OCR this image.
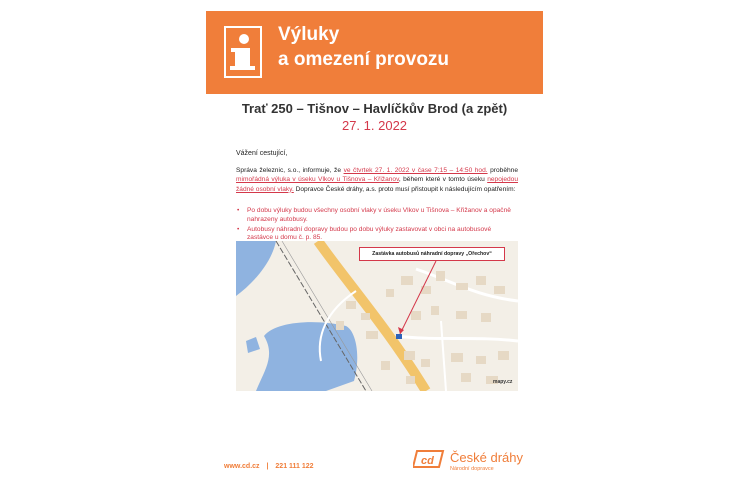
Výluky
a omezení provozu
Trať 250 – Tišnov – Havlíčkův Brod (a zpět)
27. 1. 2022
Vážení cestující,
Správa železnic, s.o., informuje, že ve čtvrtek 27. 1. 2022 v čase 7:15 – 14:50 hod. proběhne mimořádná výluka v úseku Vlkov u Tišnova – Křižanov, během které v tomto úseku nepojedou žádné osobní vlaky. Dopravce České dráhy, a.s. proto musí přistoupit k následujícím opatřením:
• Po dobu výluky budou všechny osobní vlaky v úseku Vlkov u Tišnova – Křižanov a opačně nahrazeny autobusy.
• Autobusy náhradní dopravy budou po dobu výluky zastavovat v obci na autobusové zastávce u domu č. p. 85.
Zastávka autobusů náhradní dopravy „Ořechov“
mapy.cz
www.cd.cz | 221 111 122	cd České dráhy
Národní dopravce
